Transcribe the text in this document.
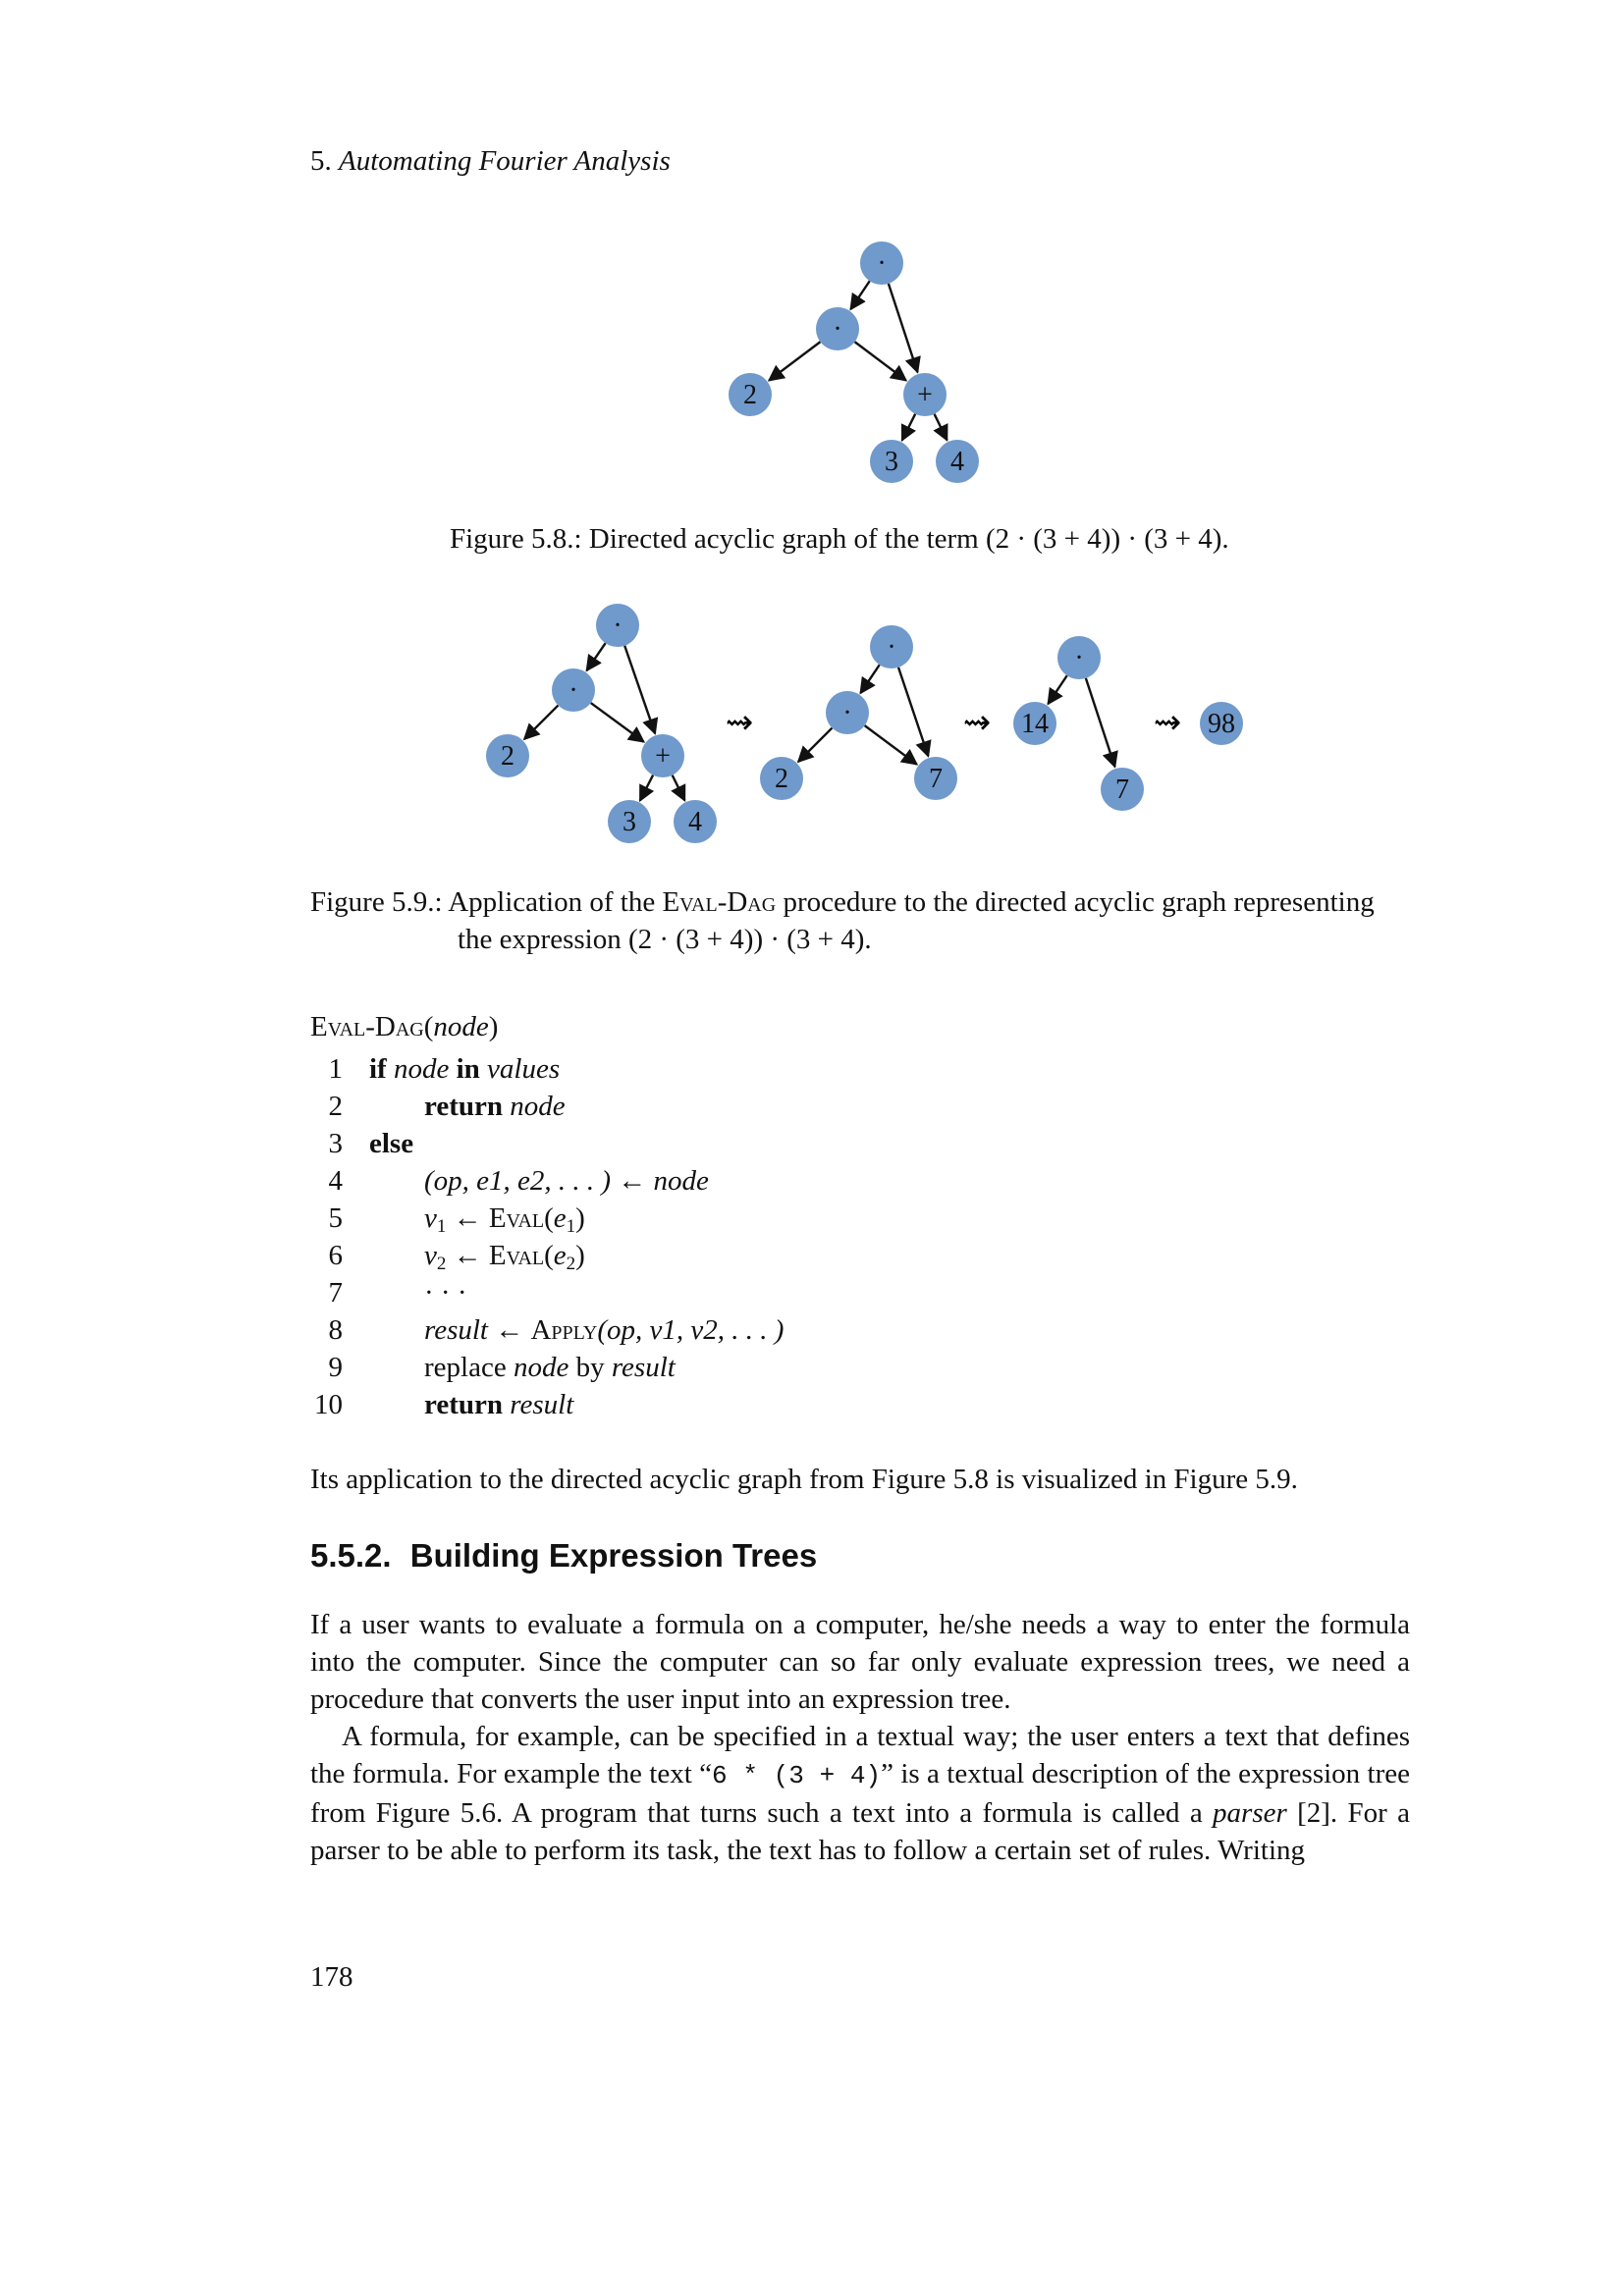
5. Automating Fourier Analysis
·
·
2	+
3 4
Figure 5.8.: Directed acyclic graph of the term (2 · (3 + 4)) · (3 + 4).
·
·
2	+
3 4
·
·
2	7
·
14
7
98
⇝	⇝	⇝
Figure 5.9.: Application of the Eval-Dag procedure to the directed acyclic graph representing
the expression (2 · (3 + 4)) · (3 + 4).
Eval-Dag(node)
1 if node in values
2	return node
3 else
4	(op, e1, e2, . . . ) ← node
5	$v_1$ ← $Eval(e_1)$
6	$v_2$ ← $Eval(e_2)$
7	· · ·
8	result ← Apply(op, v1, v2, . . . )
9	replace node by result
10	return result
Its application to the directed acyclic graph from Figure 5.8 is visualized in Figure 5.9.
5.5.2. Building Expression Trees
If a user wants to evaluate a formula on a computer, he/she needs a way to enter the formula into the computer. Since the computer can so far only evaluate expression trees, we need a procedure that converts the user input into an expression tree.
A formula, for example, can be specified in a textual way; the user enters a text that defines the formula. For example the text “6 * (3 + 4)” is a textual description of the expression tree from Figure 5.6. A program that turns such a text into a formula is called a parser [2]. For a parser to be able to perform its task, the text has to follow a certain set of rules. Writing
178
